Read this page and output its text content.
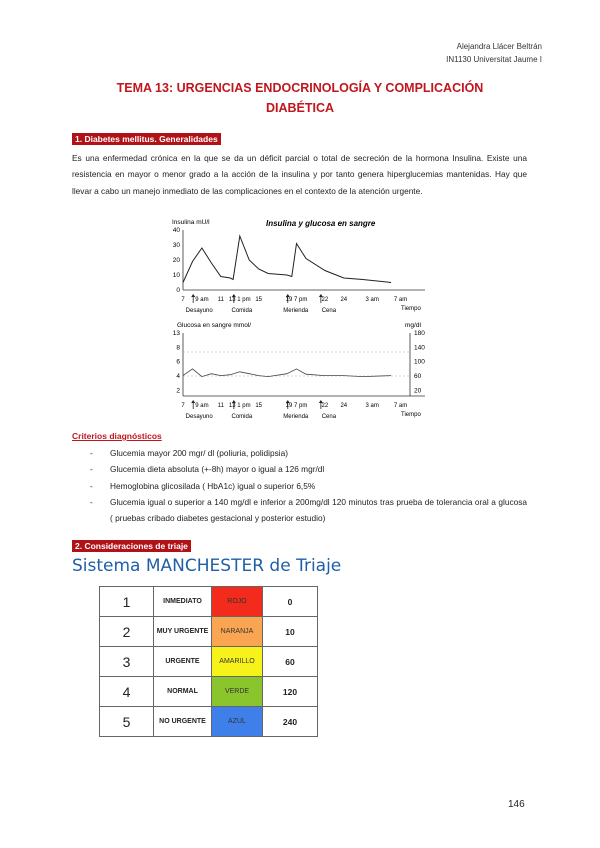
Alejandra Llácer Beltrán
IN1130 Universitat Jaume I
TEMA 13: URGENCIAS ENDOCRINOLOGÍA Y COMPLICACIÓN
DIABÉTICA
1. Diabetes mellitus. Generalidades

Es una enfermedad crónica en la que se da un déficit parcial o total de secreción de la hormona Insulina. Existe una resistencia en mayor o menor grado a la acción de la insulina y por tanto genera hiperglucemias mantenidas. Hay que llevar a cabo un manejo inmediato de las complicaciones en el contexto de la atención urgente.

Insulina y glucosa en sangre
Insulina mU/l
40
30
20
10
0
7 9 am 11 13 1 pm 15	19 7 pm 22 24	3 am	7 am
Tiempo
Desayuno	Comida	Merienda Cena
Glucosa en sangre mmol/	mg/dl
13
8
6
4
2
180
140
100
60
20
7 9 am 11 13 1 pm 15	19 7 pm 22 24	3 am	7 am
Tiempo
Desayuno	Comida	Merienda Cena
Criterios diagnósticos
- Glucemia mayor 200 mgr/ dl (poliuria, polidipsia)
- Glucemia dieta absoluta (+-8h) mayor o igual a 126 mgr/dl
- Hemoglobina glicosilada ( HbA1c) igual o superior 6,5%
- Glucemia igual o superior a 140 mg/dl e inferior a 200mg/dl 120 minutos tras prueba de tolerancia oral a glucosa ( pruebas cribado diabetes gestacional y posterior estudio)
2. Consideraciones de triaje
Sistema MANCHESTER de Triaje
1	INMEDIATO	ROJO	0
2	MUY URGENTE	NARANJA	10
3	URGENTE	AMARILLO	60
4	NORMAL	VERDE	120
5	NO URGENTE	AZUL	240
146
